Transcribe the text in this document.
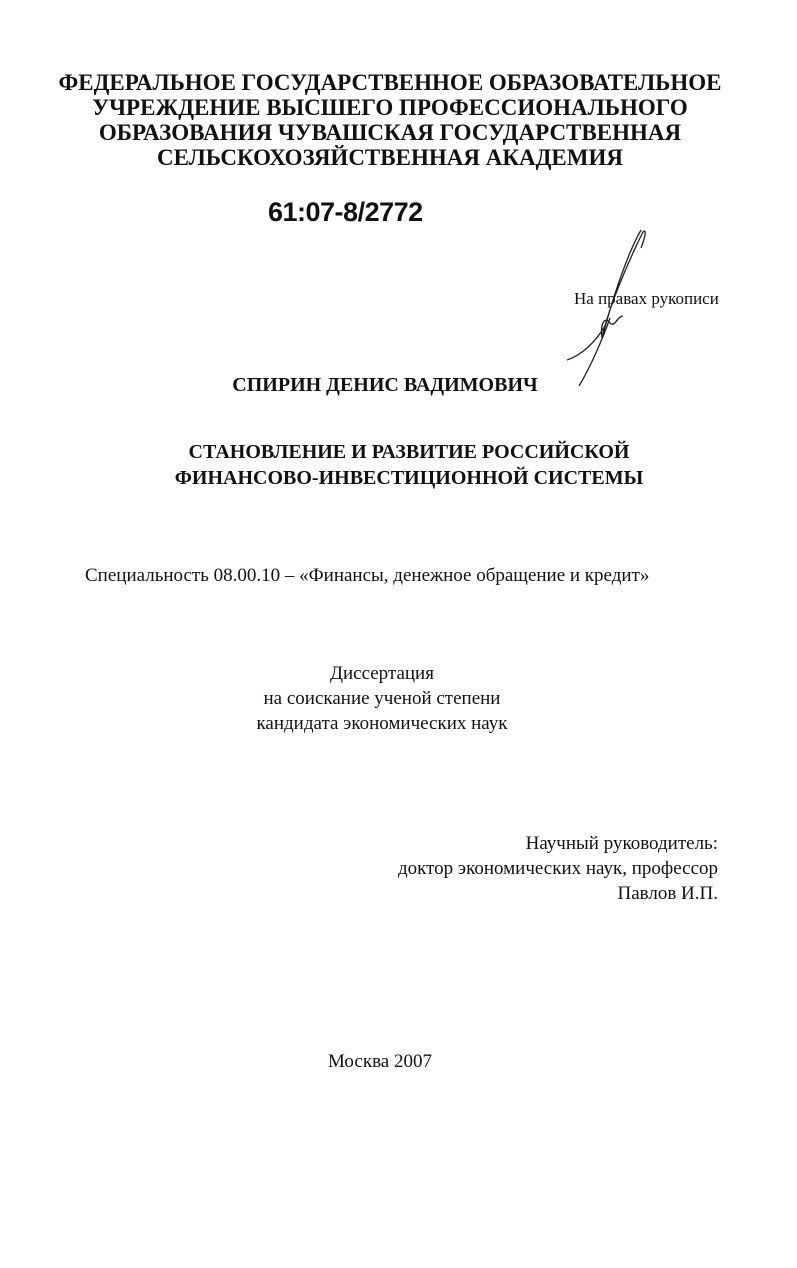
ФЕДЕРАЛЬНОЕ ГОСУДАРСТВЕННОЕ ОБРАЗОВАТЕЛЬНОЕ
УЧРЕЖДЕНИЕ ВЫСШЕГО ПРОФЕССИОНАЛЬНОГО
ОБРАЗОВАНИЯ ЧУВАШСКАЯ ГОСУДАРСТВЕННАЯ
СЕЛЬСКОХОЗЯЙСТВЕННАЯ АКАДЕМИЯ
61:07-8/2772
На правах рукописи
СПИРИН ДЕНИС ВАДИМОВИЧ
СТАНОВЛЕНИЕ И РАЗВИТИЕ РОССИЙСКОЙ
ФИНАНСОВО-ИНВЕСТИЦИОННОЙ СИСТЕМЫ
Специальность 08.00.10 – «Финансы, денежное обращение и кредит»
Диссертация
на соискание ученой степени
кандидата экономических наук
Научный руководитель:
доктор экономических наук, профессор
Павлов И.П.
Москва 2007
